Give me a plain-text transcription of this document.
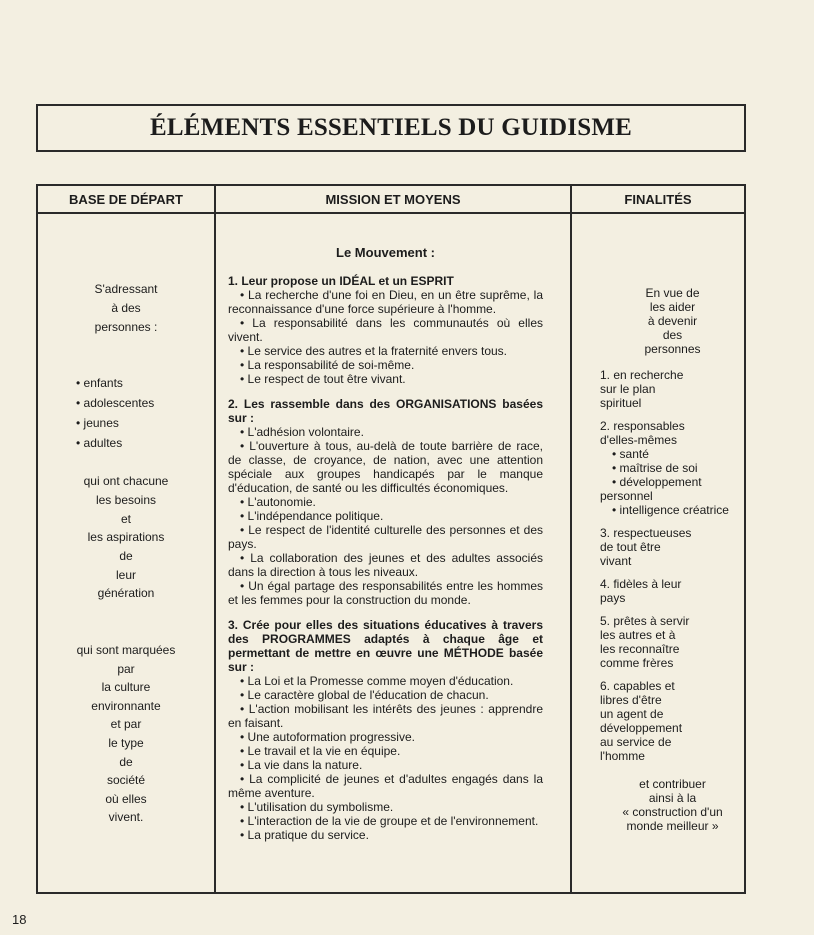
ÉLÉMENTS ESSENTIELS DU GUIDISME
BASE DE DÉPART	MISSION ET MOYENS	FINALITÉS
S'adressant
à des
personnes :
• enfants
• adolescentes
• jeunes
• adultes
qui ont chacune
les besoins
et
les aspirations
de
leur
génération
qui sont marquées
par
la culture
environnante
et par
le type
de
société
où elles
vivent.

Le Mouvement :

1. Leur propose un IDÉAL et un ESPRIT

• La recherche d'une foi en Dieu, en un être suprême, la reconnaissance d'une force supérieure à l'homme.

• La responsabilité dans les communautés où elles vivent.

• Le service des autres et la fraternité envers tous.

• La responsabilité de soi-même.

• Le respect de tout être vivant.

2. Les rassemble dans des ORGANISATIONS basées sur :

• L'adhésion volontaire.

• L'ouverture à tous, au-delà de toute barrière de race, de classe, de croyance, de nation, avec une attention spéciale aux groupes handicapés par le manque d'éducation, de santé ou les difficultés économiques.

• L'autonomie.

• L'indépendance politique.

• Le respect de l'identité culturelle des personnes et des pays.

• La collaboration des jeunes et des adultes associés dans la direction à tous les niveaux.

• Un égal partage des responsabilités entre les hommes et les femmes pour la construction du monde.

3. Crée pour elles des situations éducatives à travers des PROGRAMMES adaptés à chaque âge et permettant de mettre en œuvre une MÉTHODE basée sur :

• La Loi et la Promesse comme moyen d'éducation.

• Le caractère global de l'éducation de chacun.

• L'action mobilisant les intérêts des jeunes : apprendre en faisant.

• Une autoformation progressive.

• Le travail et la vie en équipe.

• La vie dans la nature.

• La complicité de jeunes et d'adultes engagés dans la même aventure.

• L'utilisation du symbolisme.

• L'interaction de la vie de groupe et de l'environnement.

• La pratique du service.

En vue de

les aider

à devenir

des

personnes

1. en recherche

sur le plan

spirituel

2. responsables

d'elles-mêmes

• santé

• maîtrise de soi

• développement

personnel

• intelligence créatrice

3. respectueuses

de tout être

vivant

4. fidèles à leur

pays

5. prêtes à servir

les autres et à

les reconnaître

comme frères

6. capables et

libres d'être

un agent de

développement

au service de

l'homme

et contribuer

ainsi à la

« construction d'un

monde meilleur »

18
